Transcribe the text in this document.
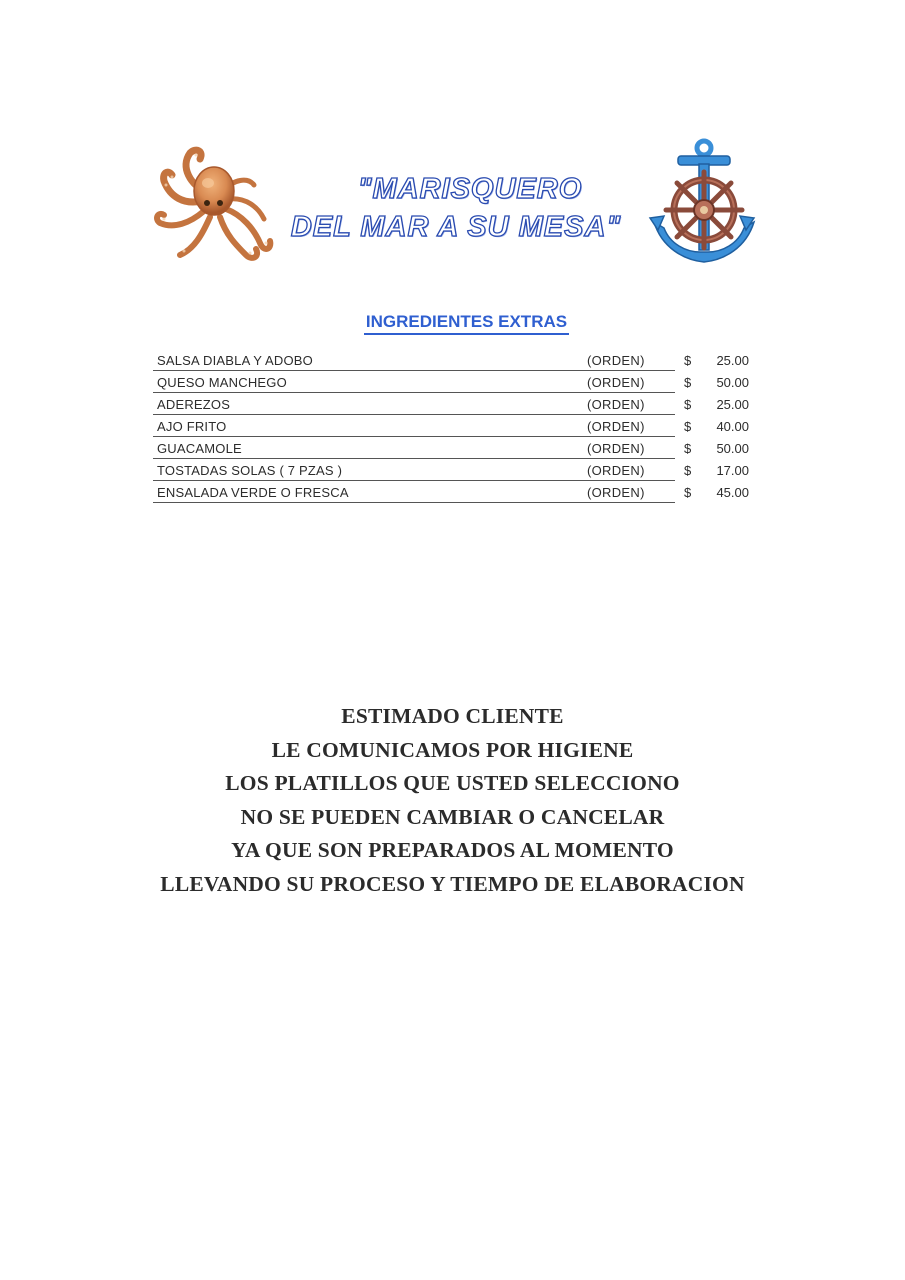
"MARISQUERO
DEL MAR A SU MESA"
INGREDIENTES EXTRAS
SALSA DIABLA Y ADOBO	(ORDEN)	$	25.00
QUESO MANCHEGO	(ORDEN)	$	50.00
ADEREZOS	(ORDEN)	$	25.00
AJO FRITO	(ORDEN)	$	40.00
GUACAMOLE	(ORDEN)	$	50.00
TOSTADAS SOLAS ( 7 PZAS )	(ORDEN)	$	17.00
ENSALADA VERDE O FRESCA	(ORDEN)	$	45.00
ESTIMADO CLIENTE
LE COMUNICAMOS POR HIGIENE
LOS PLATILLOS QUE USTED SELECCIONO
NO SE PUEDEN CAMBIAR O CANCELAR
YA QUE SON PREPARADOS AL MOMENTO
LLEVANDO SU PROCESO Y TIEMPO DE ELABORACION
